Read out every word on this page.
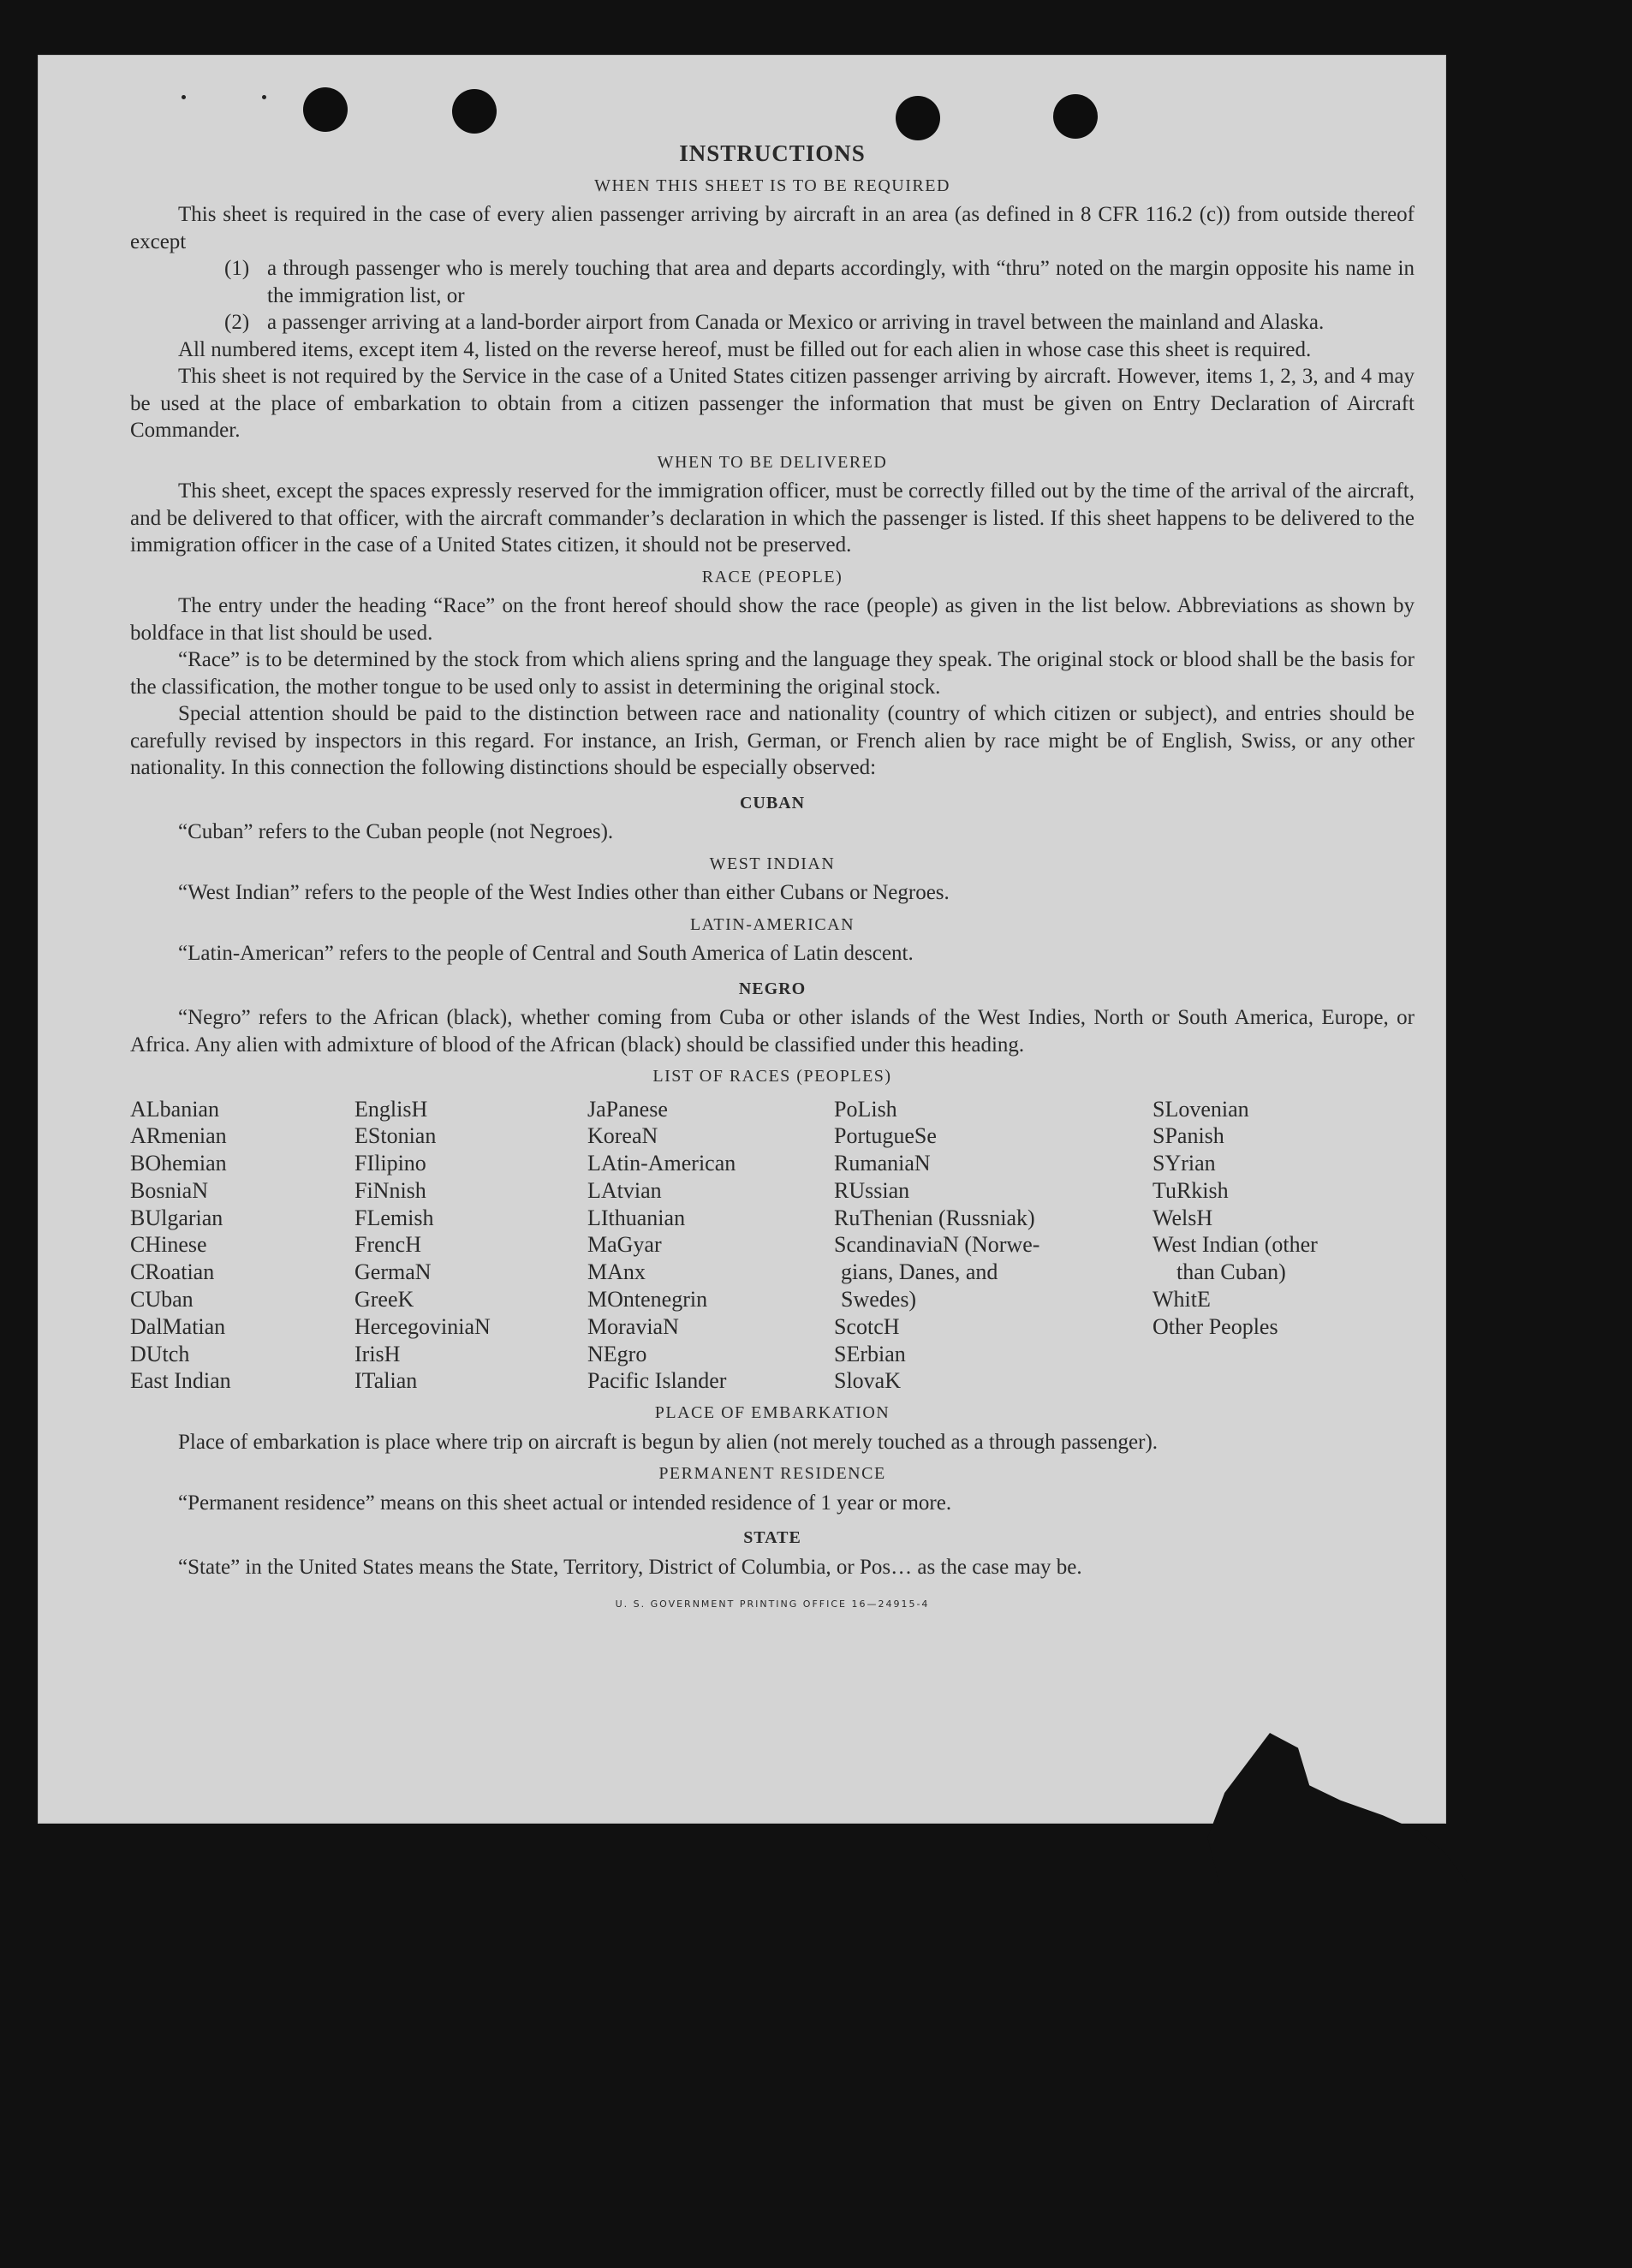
INSTRUCTIONS
WHEN THIS SHEET IS TO BE REQUIRED

This sheet is required in the case of every alien passenger arriving by aircraft in an area (as defined in 8 CFR 116.2 (c)) from outside thereof except

(1) a through passenger who is merely touching that area and departs accordingly, with “thru” noted on the margin opposite his name in the immigration list, or
(2) a passenger arriving at a land-border airport from Canada or Mexico or arriving in travel between the mainland and Alaska.

All numbered items, except item 4, listed on the reverse hereof, must be filled out for each alien in whose case this sheet is required.

This sheet is not required by the Service in the case of a United States citizen passenger arriving by aircraft. However, items 1, 2, 3, and 4 may be used at the place of embarkation to obtain from a citizen passenger the information that must be given on Entry Declaration of Aircraft Commander.

WHEN TO BE DELIVERED

This sheet, except the spaces expressly reserved for the immigration officer, must be correctly filled out by the time of the arrival of the aircraft, and be delivered to that officer, with the aircraft commander’s declaration in which the passenger is listed. If this sheet happens to be delivered to the immigration officer in the case of a United States citizen, it should not be preserved.

RACE (PEOPLE)

The entry under the heading “Race” on the front hereof should show the race (people) as given in the list below. Abbreviations as shown by boldface in that list should be used.

“Race” is to be determined by the stock from which aliens spring and the language they speak. The original stock or blood shall be the basis for the classification, the mother tongue to be used only to assist in determining the original stock.

Special attention should be paid to the distinction between race and nationality (country of which citizen or subject), and entries should be carefully revised by inspectors in this regard. For instance, an Irish, German, or French alien by race might be of English, Swiss, or any other nationality. In this connection the following distinctions should be especially observed:

CUBAN

“Cuban” refers to the Cuban people (not Negroes).

WEST INDIAN

“West Indian” refers to the people of the West Indies other than either Cubans or Negroes.

LATIN-AMERICAN

“Latin-American” refers to the people of Central and South America of Latin descent.

NEGRO

“Negro” refers to the African (black), whether coming from Cuba or other islands of the West Indies, North or South America, Europe, or Africa. Any alien with admixture of blood of the African (black) should be classified under this heading.

LIST OF RACES (PEOPLES)
ALbanian
ARmenian
BOhemian
BosniaN
BUlgarian
CHinese
CRoatian
CUban
DalMatian
DUtch
East Indian
EnglisH
EStonian
FIlipino
FiNnish
FLemish
FrencH
GermaN
GreeK
HercegoviniaN
IrisH
ITalian
JaPanese
KoreaN
LAtin-American
LAtvian
LIthuanian
MaGyar
MAnx
MOntenegrin
MoraviaN
NEgro
Pacific Islander
PoLish
PortugueSe
RumaniaN
RUssian
RuThenian (Russniak)
ScandinaviaN (Norwe-
gians, Danes, and
Swedes)
ScotcH
SErbian
SlovaK
SLovenian
SPanish
SYrian
TuRkish
WelsH
West Indian (other
than Cuban)
WhitE
Other Peoples
PLACE OF EMBARKATION

Place of embarkation is place where trip on aircraft is begun by alien (not merely touched as a through passenger).

PERMANENT RESIDENCE

“Permanent residence” means on this sheet actual or intended residence of 1 year or more.

STATE

“State” in the United States means the State, Territory, District of Columbia, or Pos… as the case may be.

U. S. GOVERNMENT PRINTING OFFICE 16—24915-4
